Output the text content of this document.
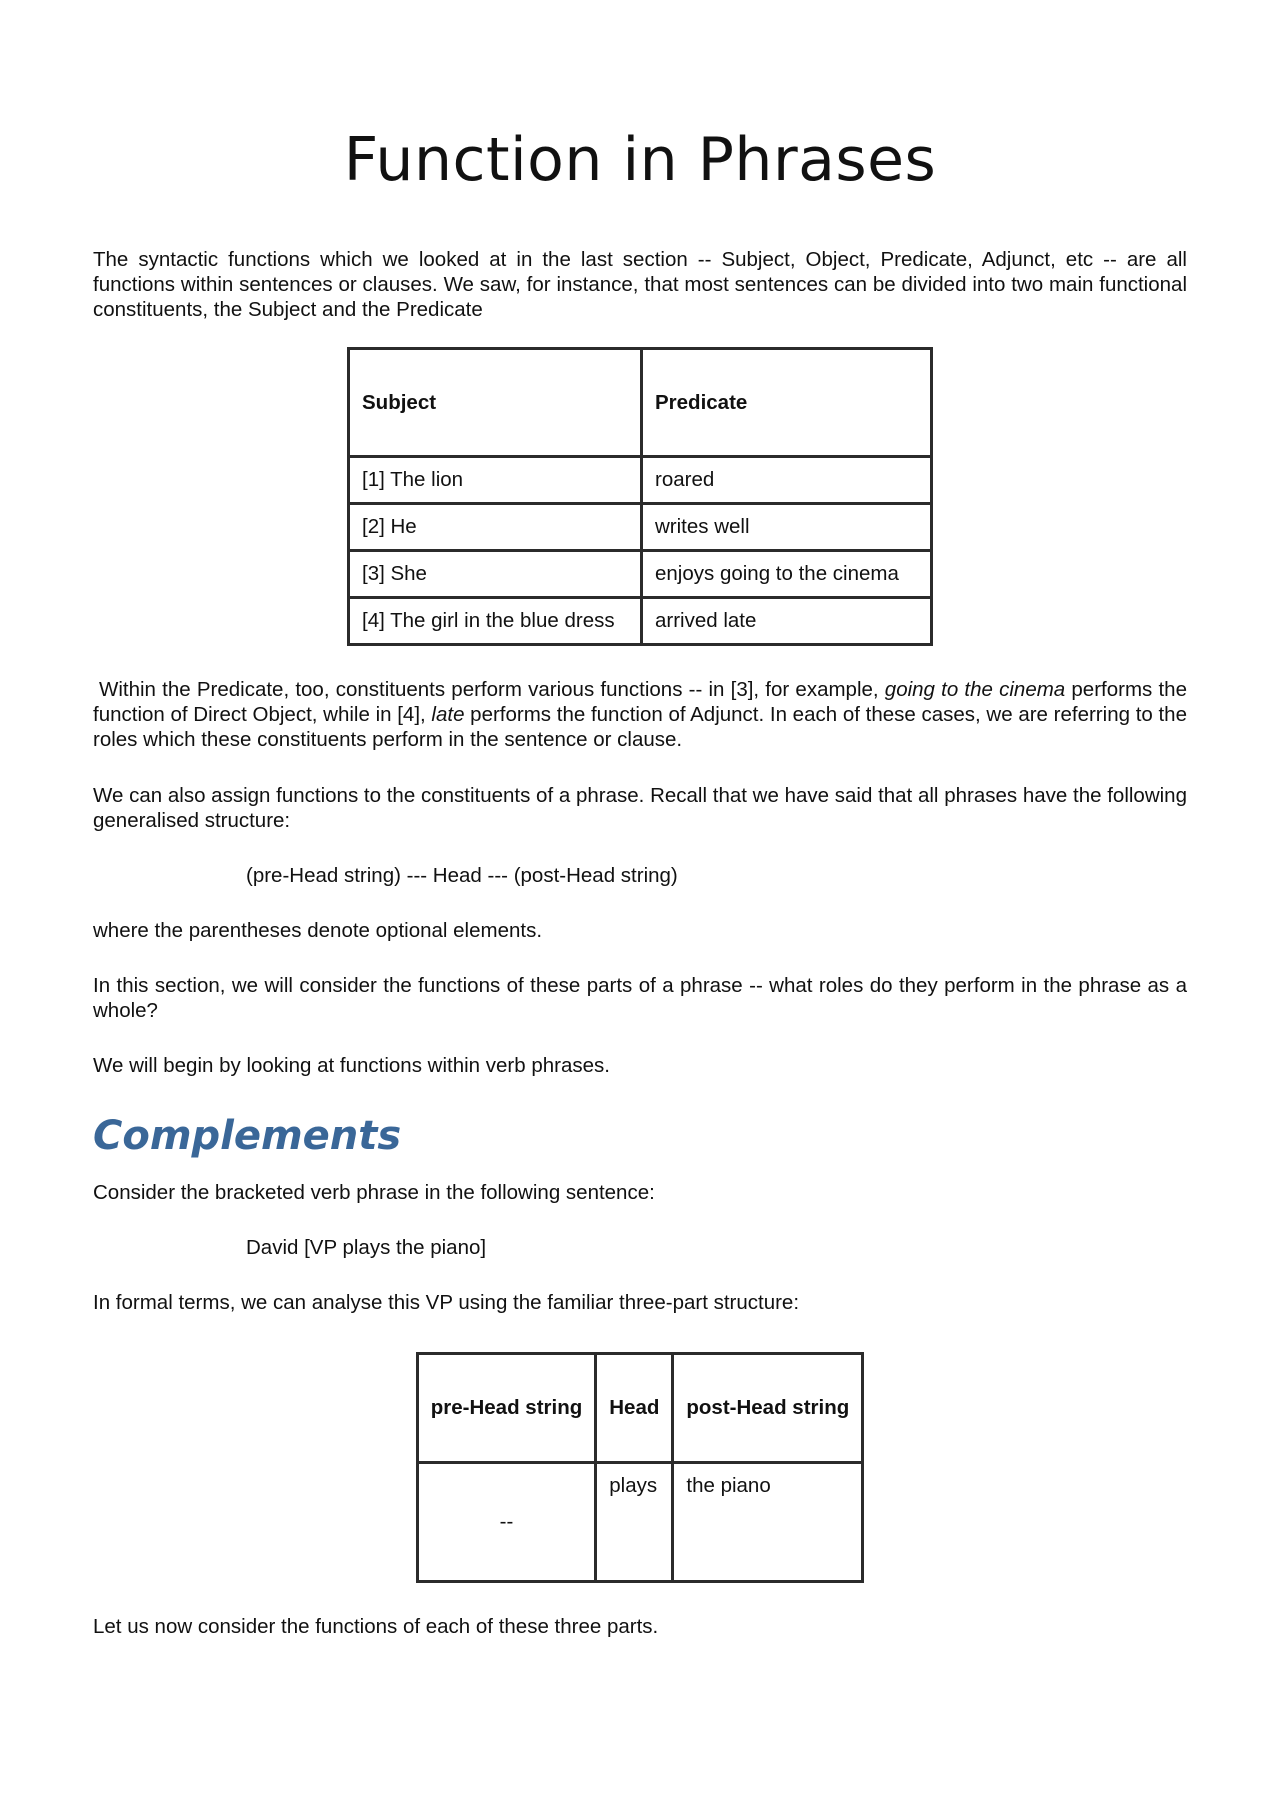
Function in Phrases

The syntactic functions which we looked at in the last section -- Subject, Object, Predicate, Adjunct, etc -- are all functions within sentences or clauses. We saw, for instance, that most sentences can be divided into two main functional constituents, the Subject and the Predicate

Subject	Predicate
[1] The lion	roared
[2] He	writes well
[3] She	enjoys going to the cinema
[4] The girl in the blue dress	arrived late

Within the Predicate, too, constituents perform various functions -- in [3], for example, going to the cinema performs the function of Direct Object, while in [4], late performs the function of Adjunct. In each of these cases, we are referring to the roles which these constituents perform in the sentence or clause.

We can also assign functions to the constituents of a phrase. Recall that we have said that all phrases have the following generalised structure:

(pre-Head string) --- Head --- (post-Head string)

where the parentheses denote optional elements.

In this section, we will consider the functions of these parts of a phrase -- what roles do they perform in the phrase as a whole?

We will begin by looking at functions within verb phrases.

Complements

Consider the bracketed verb phrase in the following sentence:

David [VP plays the piano]

In formal terms, we can analyse this VP using the familiar three-part structure:

pre-Head string	Head	post-Head string
--	plays	the piano

Let us now consider the functions of each of these three parts.
